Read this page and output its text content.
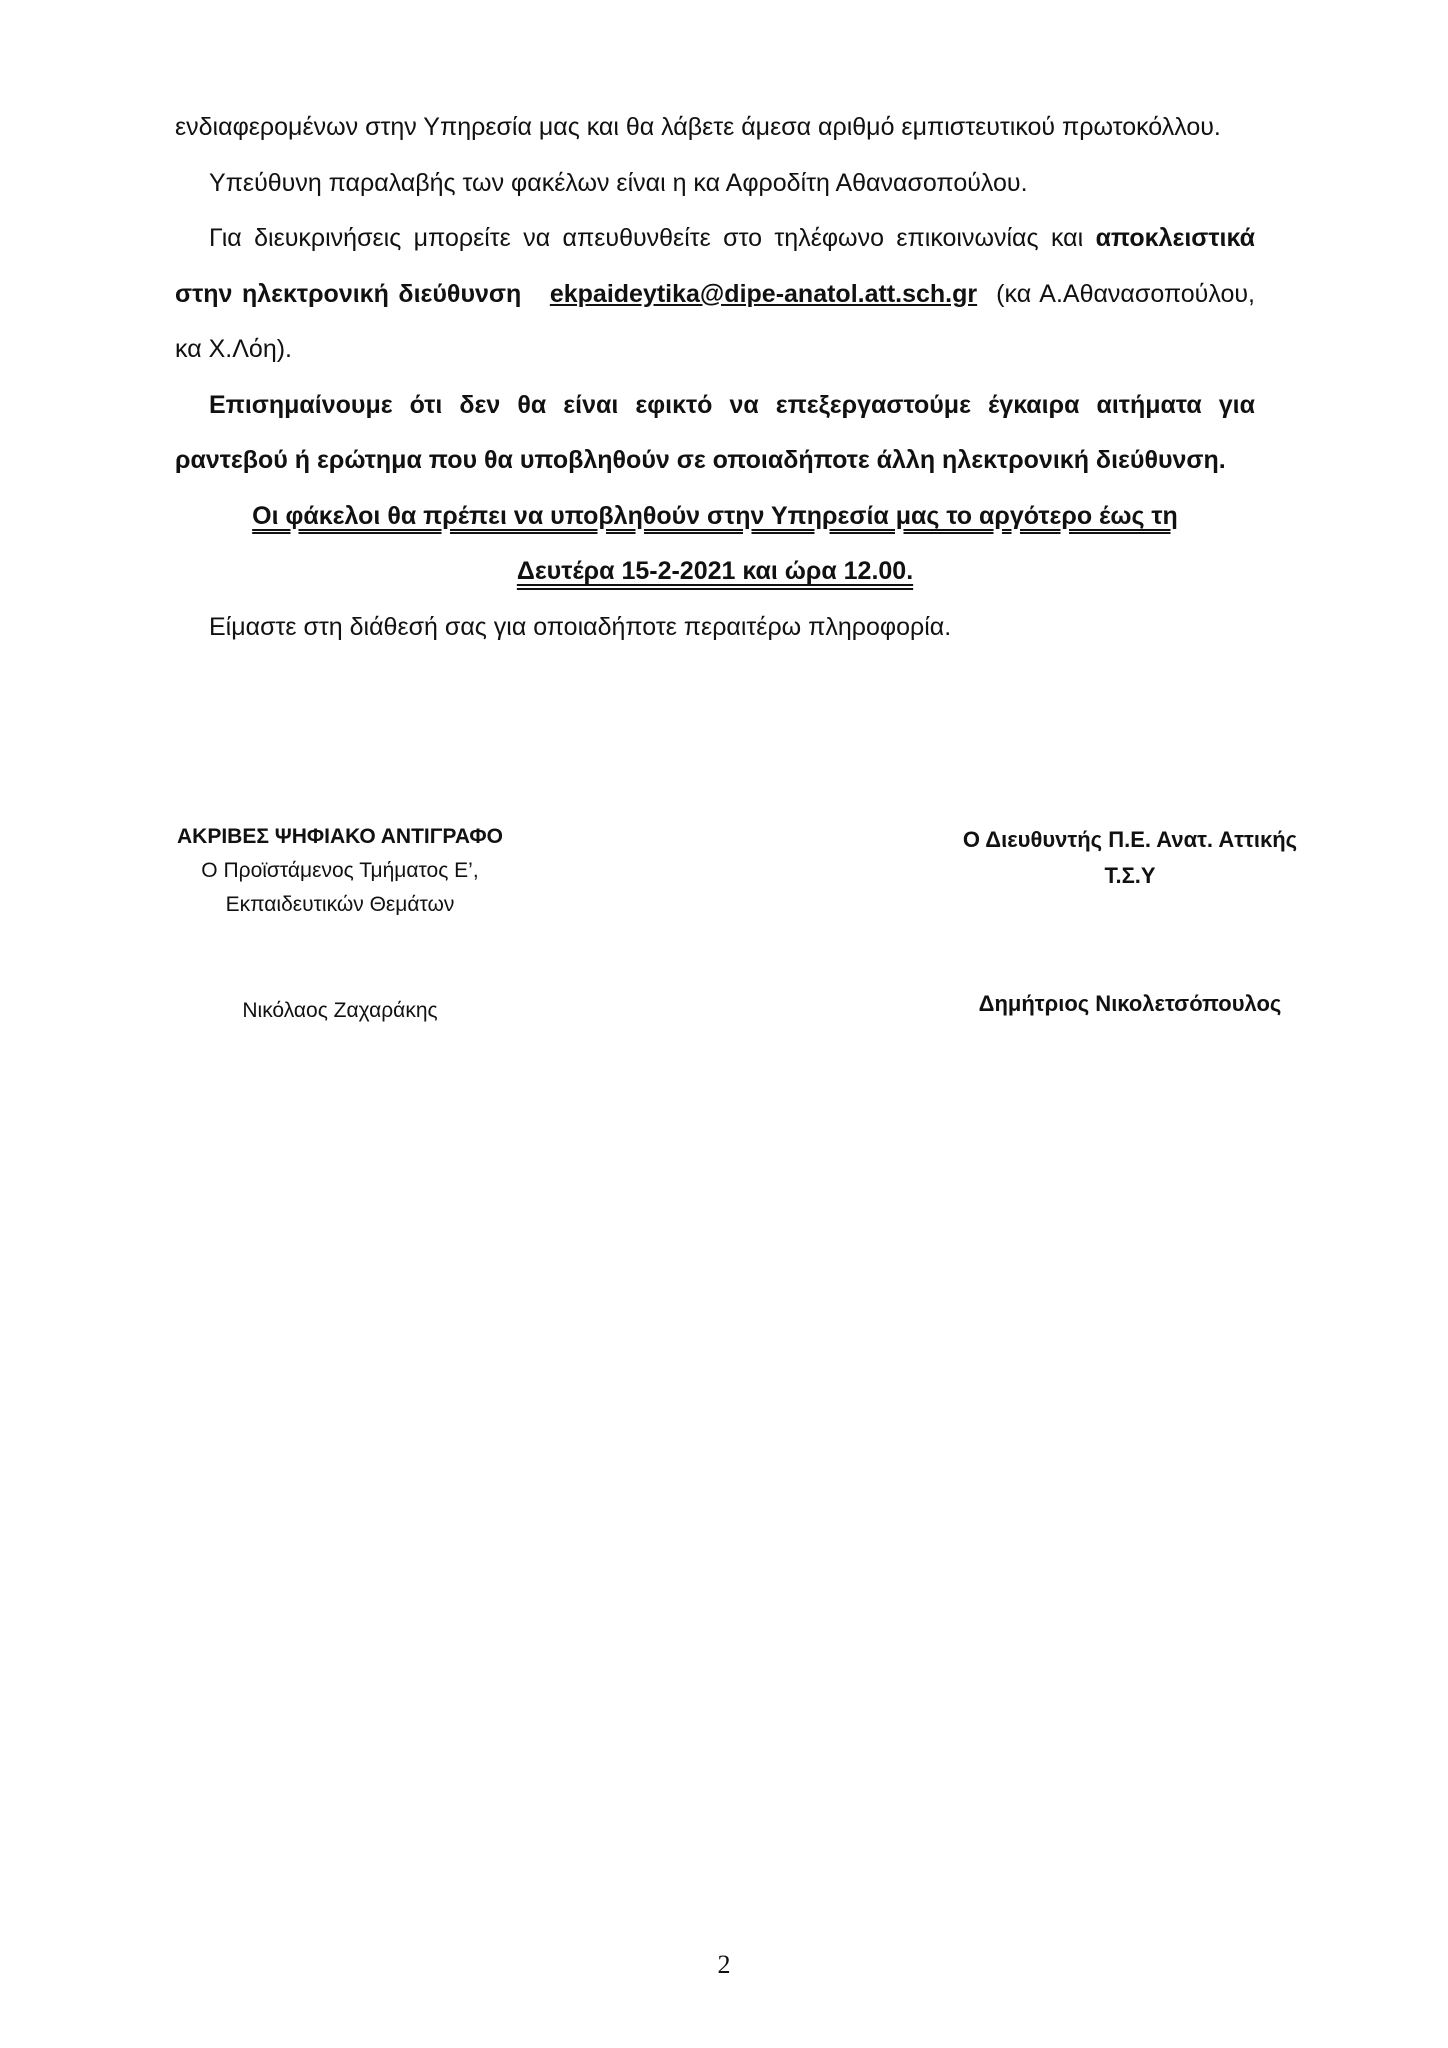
ενδιαφερομένων στην Υπηρεσία μας και θα λάβετε άμεσα αριθμό εμπιστευτικού πρωτοκόλλου.

Υπεύθυνη παραλαβής των φακέλων είναι η κα Αφροδίτη Αθανασοπούλου.

Για διευκρινήσεις μπορείτε να απευθυνθείτε στο τηλέφωνο επικοινωνίας και αποκλειστικά στην ηλεκτρονική διεύθυνση ekpaideytika@dipe-anatol.att.sch.gr (κα Α.Αθανασοπούλου, κα Χ.Λόη).

Επισημαίνουμε ότι δεν θα είναι εφικτό να επεξεργαστούμε έγκαιρα αιτήματα για ραντεβού ή ερώτημα που θα υποβληθούν σε οποιαδήποτε άλλη ηλεκτρονική διεύθυνση.

Οι φάκελοι θα πρέπει να υποβληθούν στην Υπηρεσία μας το αργότερο έως τη

Δευτέρα 15-2-2021 και ώρα 12.00.

Είμαστε στη διάθεσή σας για οποιαδήποτε περαιτέρω πληροφορία.

ΑΚΡΙΒΕΣ ΨΗΦΙΑΚΟ ΑΝΤΙΓΡΑΦΟ
Ο Προϊστάμενος Τμήματος Ε’,
Εκπαιδευτικών Θεμάτων
Νικόλαος Ζαχαράκης
Ο Διευθυντής Π.Ε. Ανατ. Αττικής
Τ.Σ.Υ
Δημήτριος Νικολετσόπουλος
2
